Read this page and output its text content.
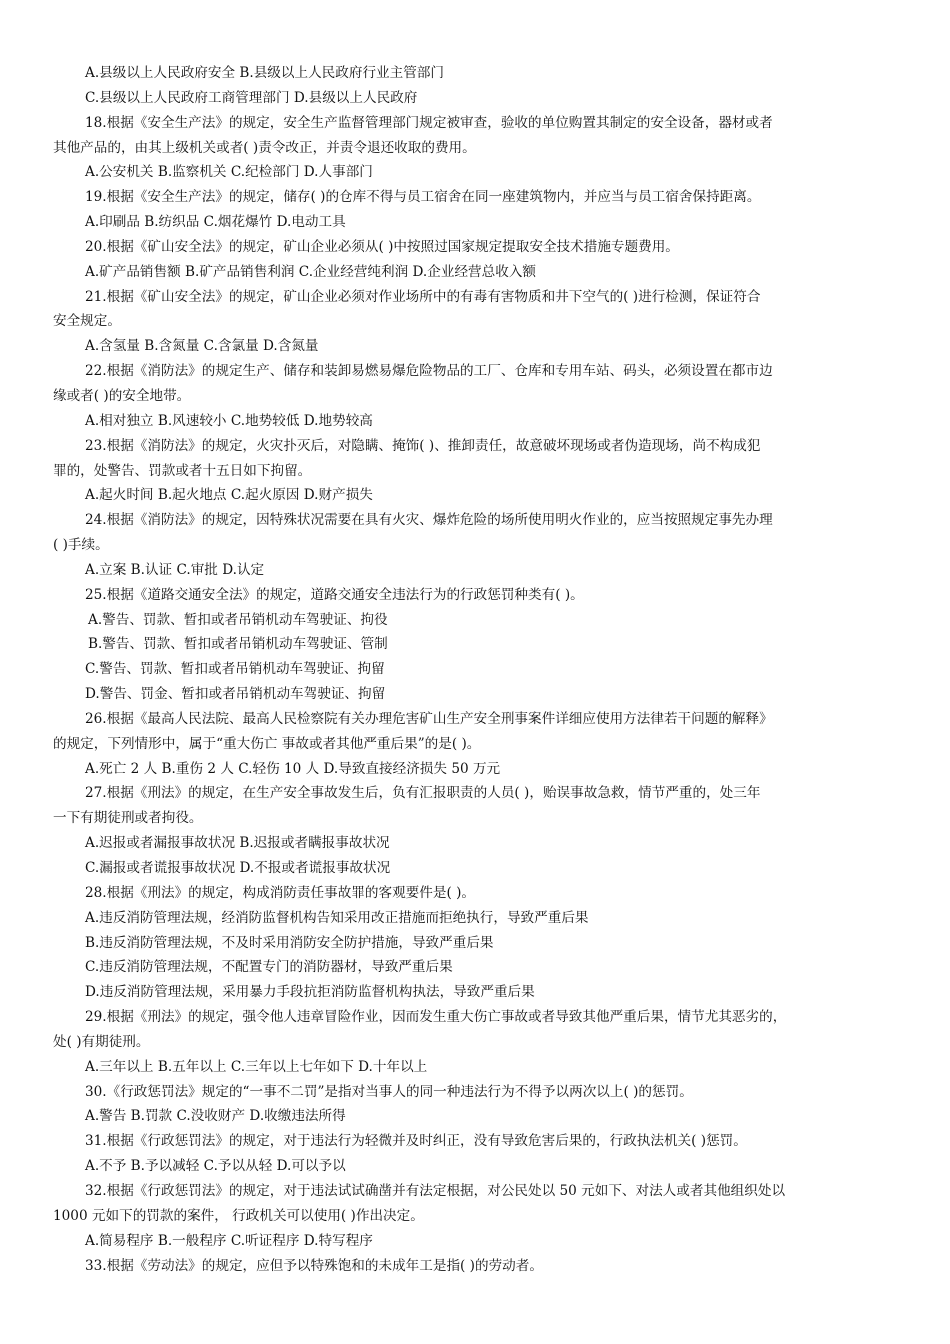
A.县级以上人民政府安全 B.县级以上人民政府行业主管部门
C.县级以上人民政府工商管理部门 D.县级以上人民政府
18.根据《安全生产法》的规定，安全生产监督管理部门规定被审查，验收的单位购置其制定的安全设备，器材或者
其他产品的，由其上级机关或者( )责令改正，并责令退还收取的费用。
A.公安机关 B.监察机关 C.纪检部门 D.人事部门
19.根据《安全生产法》的规定，储存( )的仓库不得与员工宿舍在同一座建筑物内，并应当与员工宿舍保持距离。
A.印刷品 B.纺织品 C.烟花爆竹 D.电动工具
20.根据《矿山安全法》的规定，矿山企业必须从( )中按照过国家规定提取安全技术措施专题费用。
A.矿产品销售额 B.矿产品销售利润 C.企业经营纯利润 D.企业经营总收入额
21.根据《矿山安全法》的规定，矿山企业必须对作业场所中的有毒有害物质和井下空气的( )进行检测，保证符合
安全规定。
A.含氢量 B.含氮量 C.含氯量 D.含氮量
22.根据《消防法》的规定生产、储存和装卸易燃易爆危险物品的工厂、仓库和专用车站、码头，必须设置在都市边
缘或者( )的安全地带。
A.相对独立 B.风速较小 C.地势较低 D.地势较高
23.根据《消防法》的规定，火灾扑灭后，对隐瞒、掩饰( )、推卸责任，故意破坏现场或者伪造现场，尚不构成犯
罪的，处警告、罚款或者十五日如下拘留。
A.起火时间 B.起火地点 C.起火原因 D.财产损失
24.根据《消防法》的规定，因特殊状况需要在具有火灾、爆炸危险的场所使用明火作业的，应当按照规定事先办理
( )手续。
A.立案 B.认证 C.审批 D.认定
25.根据《道路交通安全法》的规定，道路交通安全违法行为的行政惩罚种类有( )。
A.警告、罚款、暂扣或者吊销机动车驾驶证、拘役
B.警告、罚款、暂扣或者吊销机动车驾驶证、管制
C.警告、罚款、暂扣或者吊销机动车驾驶证、拘留
D.警告、罚金、暂扣或者吊销机动车驾驶证、拘留
26.根据《最高人民法院、最高人民检察院有关办理危害矿山生产安全刑事案件详细应使用方法律若干问题的解释》
的规定，下列情形中，属于“重大伤亡 事故或者其他严重后果”的是( )。
A.死亡 2 人 B.重伤 2 人 C.轻伤 10 人 D.导致直接经济损失 50 万元
27.根据《刑法》的规定，在生产安全事故发生后，负有汇报职责的人员( )，贻误事故急救，情节严重的，处三年
一下有期徒刑或者拘役。
A.迟报或者漏报事故状况 B.迟报或者瞒报事故状况
C.漏报或者谎报事故状况 D.不报或者谎报事故状况
28.根据《刑法》的规定，构成消防责任事故罪的客观要件是( )。
A.违反消防管理法规，经消防监督机构告知采用改正措施而拒绝执行，导致严重后果
B.违反消防管理法规，不及时采用消防安全防护措施，导致严重后果
C.违反消防管理法规，不配置专门的消防器材，导致严重后果
D.违反消防管理法规，采用暴力手段抗拒消防监督机构执法，导致严重后果
29.根据《刑法》的规定，强令他人违章冒险作业，因而发生重大伤亡事故或者导致其他严重后果，情节尤其恶劣的，
处( )有期徒刑。
A.三年以上 B.五年以上 C.三年以上七年如下 D.十年以上
30.《行政惩罚法》规定的“一事不二罚”是指对当事人的同一种违法行为不得予以两次以上( )的惩罚。
A.警告 B.罚款 C.没收财产 D.收缴违法所得
31.根据《行政惩罚法》的规定，对于违法行为轻微并及时纠正，没有导致危害后果的，行政执法机关( )惩罚。
A.不予 B.予以减轻 C.予以从轻 D.可以予以
32.根据《行政惩罚法》的规定，对于违法试试确凿并有法定根据，对公民处以 50 元如下、对法人或者其他组织处以
1000 元如下的罚款的案件， 行政机关可以使用( )作出决定。
A.简易程序 B.一般程序 C.听证程序 D.特写程序
33.根据《劳动法》的规定，应但予以特殊饱和的未成年工是指( )的劳动者。
